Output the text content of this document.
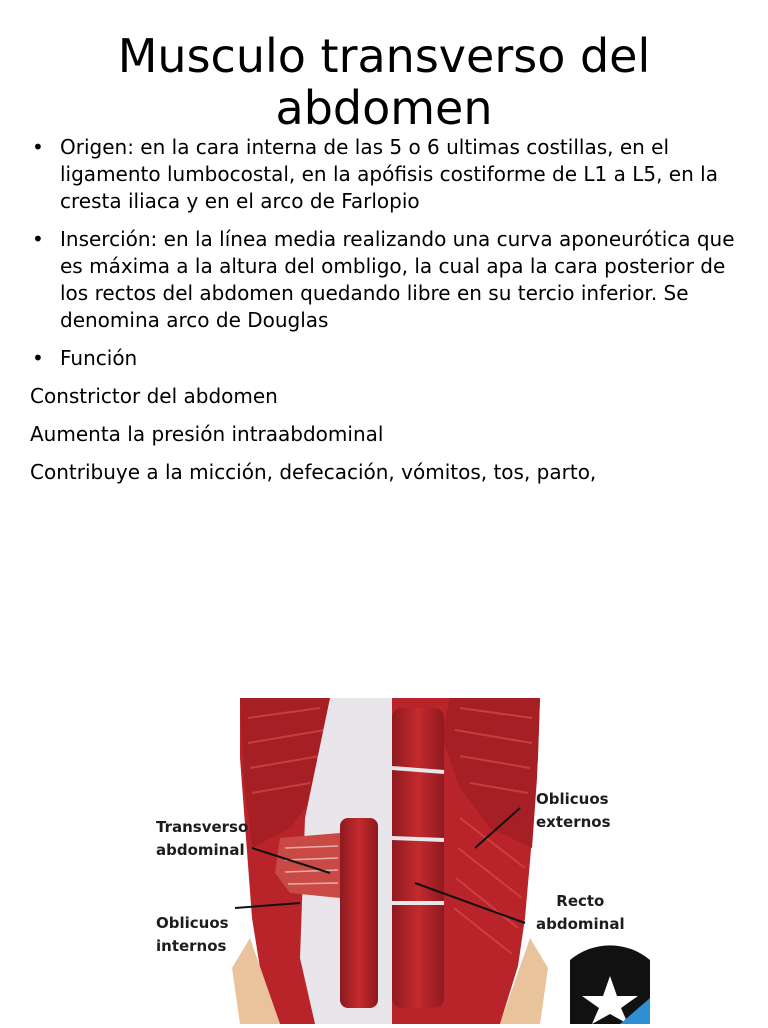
Musculo transverso del
abdomen
• Origen: en la cara interna de las 5 o 6 ultimas costillas, en el ligamento lumbocostal, en la apófisis costiforme de L1 a L5, en la cresta iliaca y en el arco de Farlopio
• Inserción: en la línea media realizando una curva aponeurótica que es máxima a la altura del ombligo, la cual apa la cara posterior de los rectos del abdomen quedando libre en su tercio inferior. Se denomina arco de Douglas
• Función
Constrictor del abdomen
Aumenta la presión intraabdominal
Contribuye a la micción, defecación, vómitos, tos, parto,
Transverso
abdominal
Oblicuos
internos
Oblicuos
externos
Recto
abdominal
